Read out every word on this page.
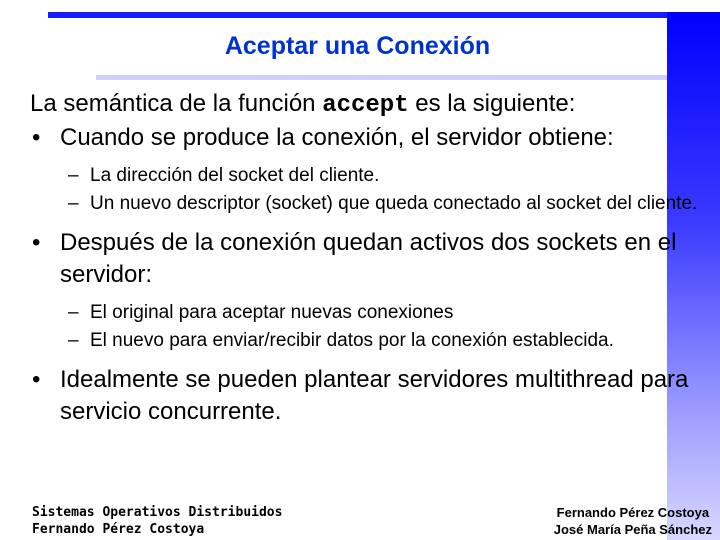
Aceptar una Conexión

La semántica de la función accept es la siguiente:

• Cuando se produce la conexión, el servidor obtiene:

– La dirección del socket del cliente.

– Un nuevo descriptor (socket) que queda conectado al socket del cliente.

• Después de la conexión quedan activos dos sockets en el servidor:

– El original para aceptar nuevas conexiones

– El nuevo para enviar/recibir datos por la conexión establecida.

• Idealmente se pueden plantear servidores multithread para servicio concurrente.

Sistemas Operativos Distribuidos
Fernando Pérez Costoya
Fernando Pérez Costoya
José María Peña Sánchez
